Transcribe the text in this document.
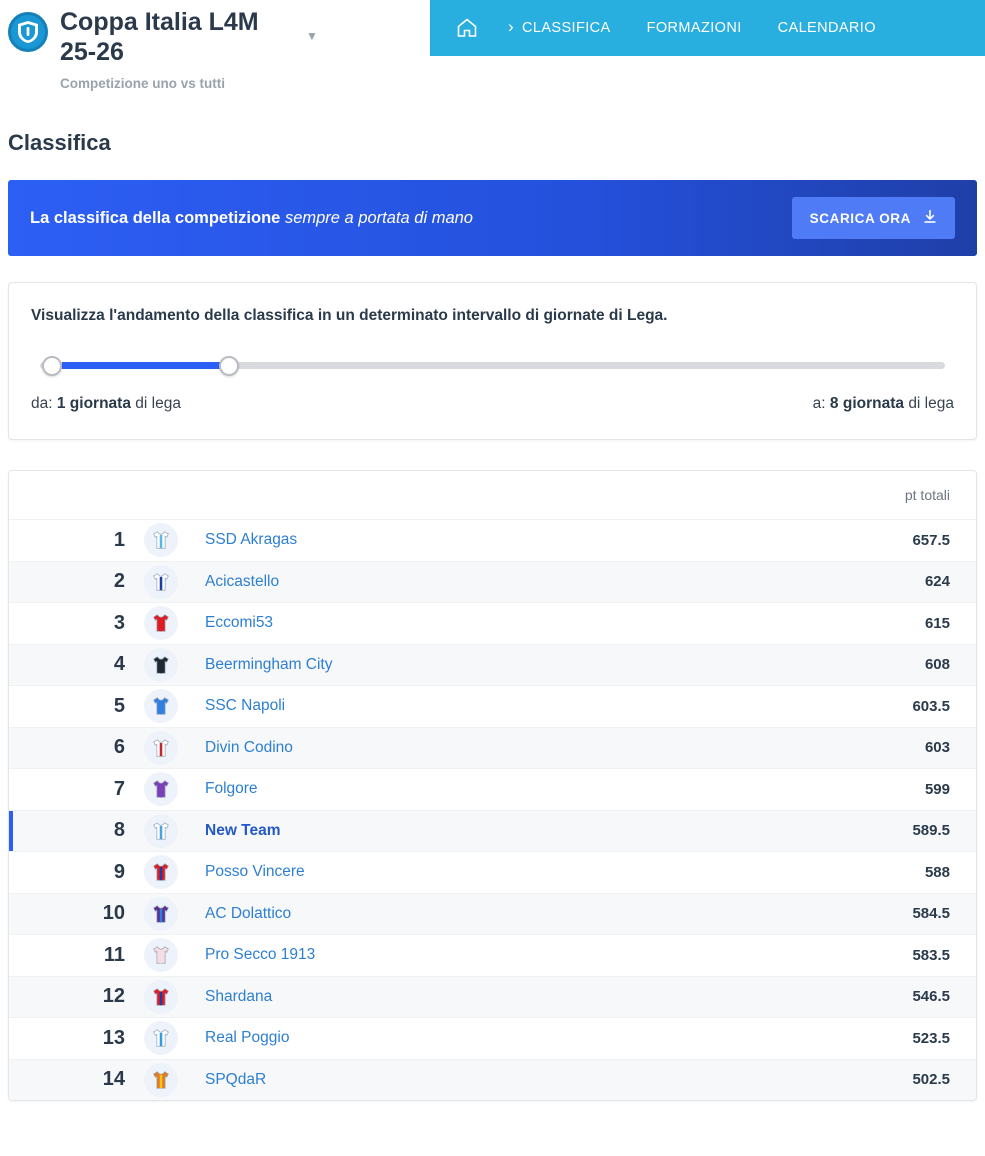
Coppa Italia L4M 25-26
Competizione uno vs tutti
▼	› CLASSIFICA	FORMAZIONI	CALENDARIO
Classifica
La classifica della competizione sempre a portata di mano	SCARICA ORA
Visualizza l'andamento della classifica in un determinato intervallo di giornate di Lega.
da: 1 giornata di lega	a: 8 giornata di lega
pt totali
1	SSD Akragas	657.5
2	Acicastello	624
3	Eccomi53	615
4	Beermingham City	608
5	SSC Napoli	603.5
6	Divin Codino	603
7	Folgore	599
8	New Team	589.5
9	Posso Vincere	588
10	AC Dolattico	584.5
11	Pro Secco 1913	583.5
12	Shardana	546.5
13	Real Poggio	523.5
14	SPQdaR	502.5
